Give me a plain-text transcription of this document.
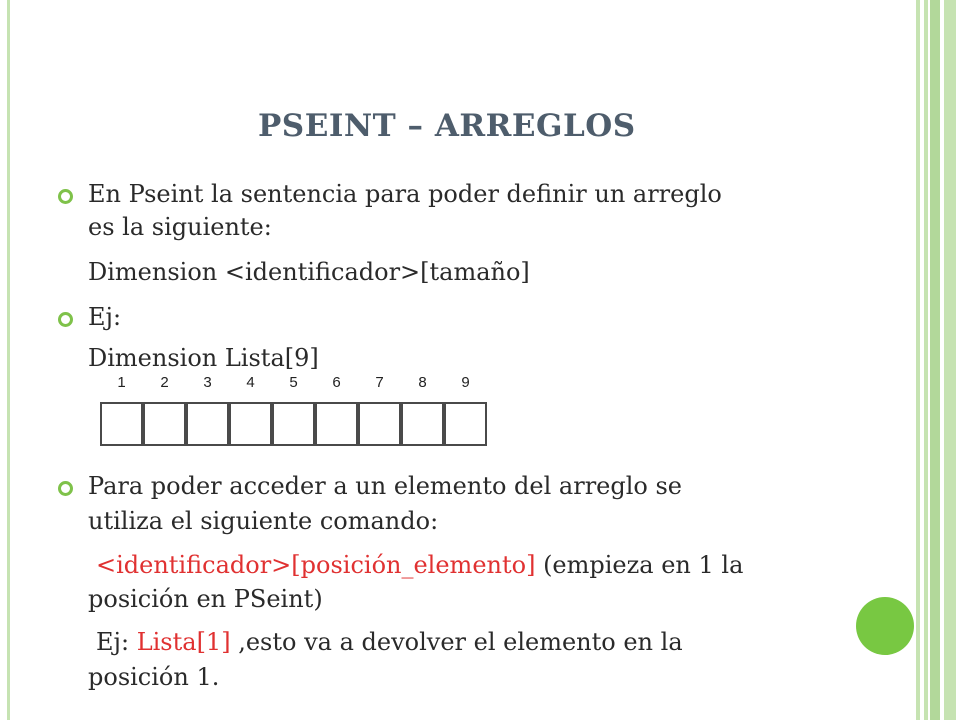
PSEINT – ARREGLOS
En Pseint la sentencia para poder definir un arreglo
es la siguiente:
Dimension <identificador>[tamaño]
Ej:
Dimension Lista[9]
1	2	3	4	5	6	7	8	9
Para poder acceder a un elemento del arreglo se
utiliza el siguiente comando:
<identificador>[posición_elemento] (empieza en 1 la
posición en PSeint)
Ej: Lista[1] ,esto va a devolver el elemento en la
posición 1.
